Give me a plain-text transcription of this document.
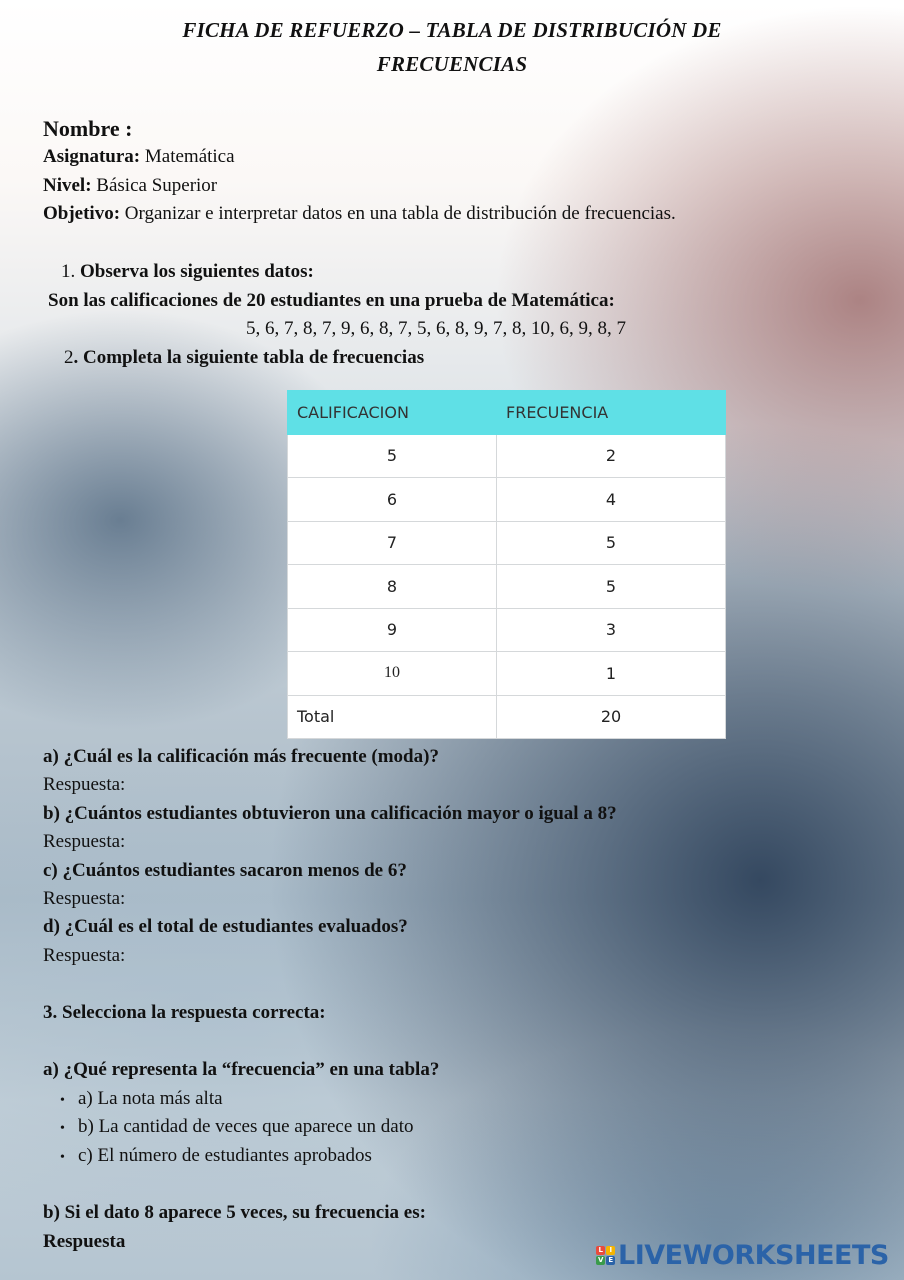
FICHA DE REFUERZO – TABLA DE DISTRIBUCIÓN DE
FRECUENCIAS
Nombre :
Asignatura: Matemática
Nivel: Básica Superior
Objetivo: Organizar e interpretar datos en una tabla de distribución de frecuencias.
1. Observa los siguientes datos:
Son las calificaciones de 20 estudiantes en una prueba de Matemática:
5, 6, 7, 8, 7, 9, 6, 8, 7, 5, 6, 8, 9, 7, 8, 10, 6, 9, 8, 7
2. Completa la siguiente tabla de frecuencias
CALIFICACION	FRECUENCIA
5	2
6	4
7	5
8	5
9	3
10	1
Total	20
a) ¿Cuál es la calificación más frecuente (moda)?
Respuesta:
b) ¿Cuántos estudiantes obtuvieron una calificación mayor o igual a 8?
Respuesta:
c) ¿Cuántos estudiantes sacaron menos de 6?
Respuesta:
d) ¿Cuál es el total de estudiantes evaluados?
Respuesta:
3. Selecciona la respuesta correcta:
a) ¿Qué representa la “frecuencia” en una tabla?
• a) La nota más alta
• b) La cantidad de veces que aparece un dato
• c) El número de estudiantes aprobados
b) Si el dato 8 aparece 5 veces, su frecuencia es:
Respuesta	L I
V E LIVEWORKSHEETS
